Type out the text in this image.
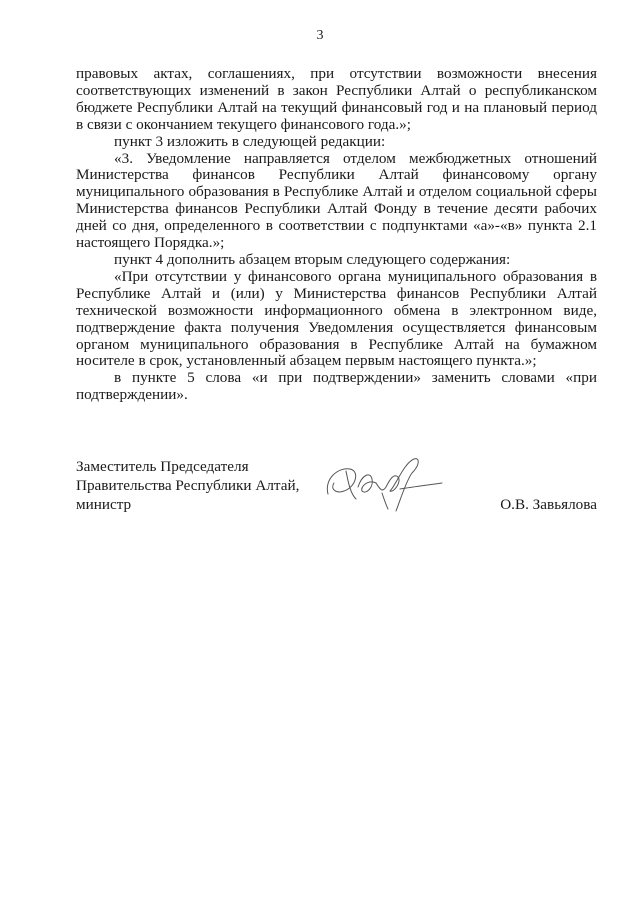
3

правовых актах, соглашениях, при отсутствии возможности внесения соответствующих изменений в закон Республики Алтай о республиканском бюджете Республики Алтай на текущий финансовый год и на плановый период в связи с окончанием текущего финансового года.»;

пункт 3 изложить в следующей редакции:

«3. Уведомление направляется отделом межбюджетных отношений Министерства финансов Республики Алтай финансовому органу муниципального образования в Республике Алтай и отделом социальной сферы Министерства финансов Республики Алтай Фонду в течение десяти рабочих дней со дня, определенного в соответствии с подпунктами «а»-«в» пункта 2.1 настоящего Порядка.»;

пункт 4 дополнить абзацем вторым следующего содержания:

«При отсутствии у финансового органа муниципального образования в Республике Алтай и (или) у Министерства финансов Республики Алтай технической возможности информационного обмена в электронном виде, подтверждение факта получения Уведомления осуществляется финансовым органом муниципального образования в Республике Алтай на бумажном носителе в срок, установленный абзацем первым настоящего пункта.»;

в пункте 5 слова «и при подтверждении» заменить словами «при подтверждении».

Заместитель Председателя
Правительства Республики Алтай,
министр	О.В. Завьялова
